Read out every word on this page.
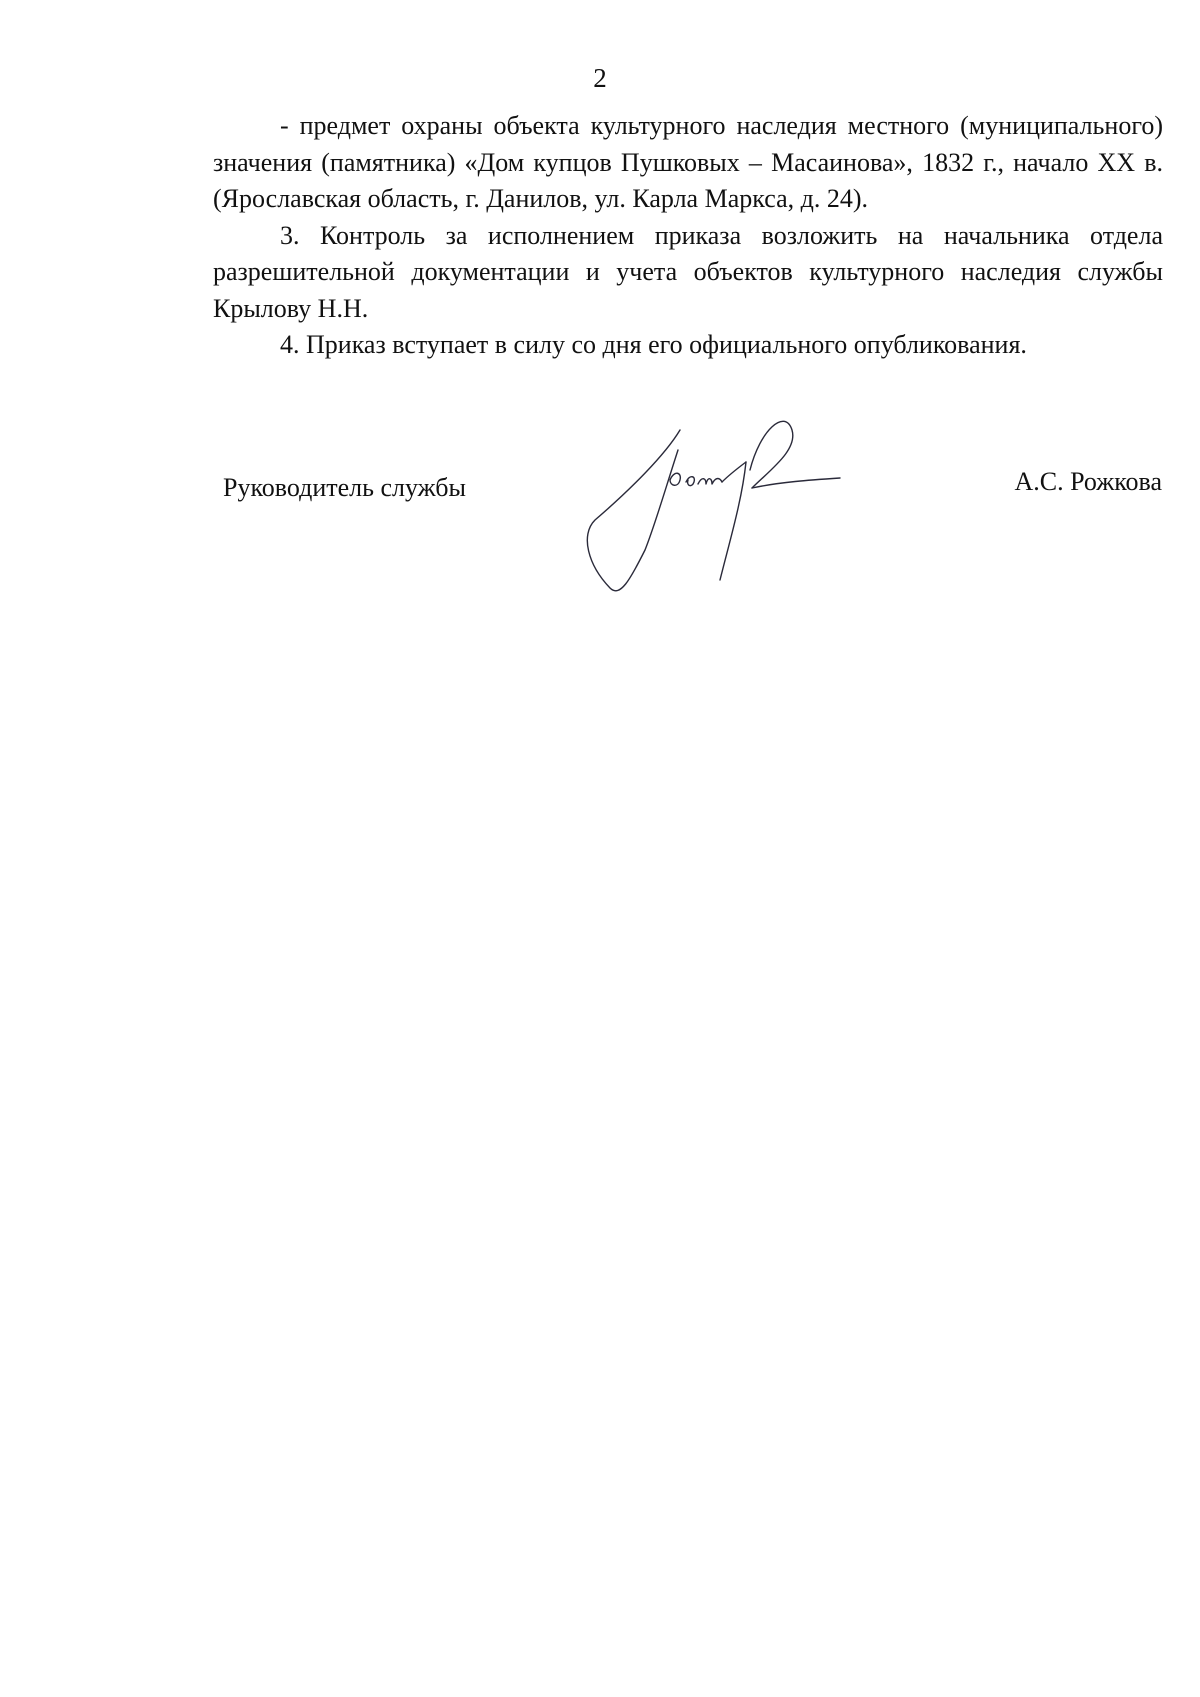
2

- предмет охраны объекта культурного наследия местного (муниципального) значения (памятника) «Дом купцов Пушковых – Масаинова», 1832 г., начало XX в. (Ярославская область, г. Данилов, ул. Карла Маркса, д. 24).

3. Контроль за исполнением приказа возложить на начальника отдела разрешительной документации и учета объектов культурного наследия службы Крылову Н.Н.

4. Приказ вступает в силу со дня его официального опубликования.

Руководитель службы	А.С. Рожкова
